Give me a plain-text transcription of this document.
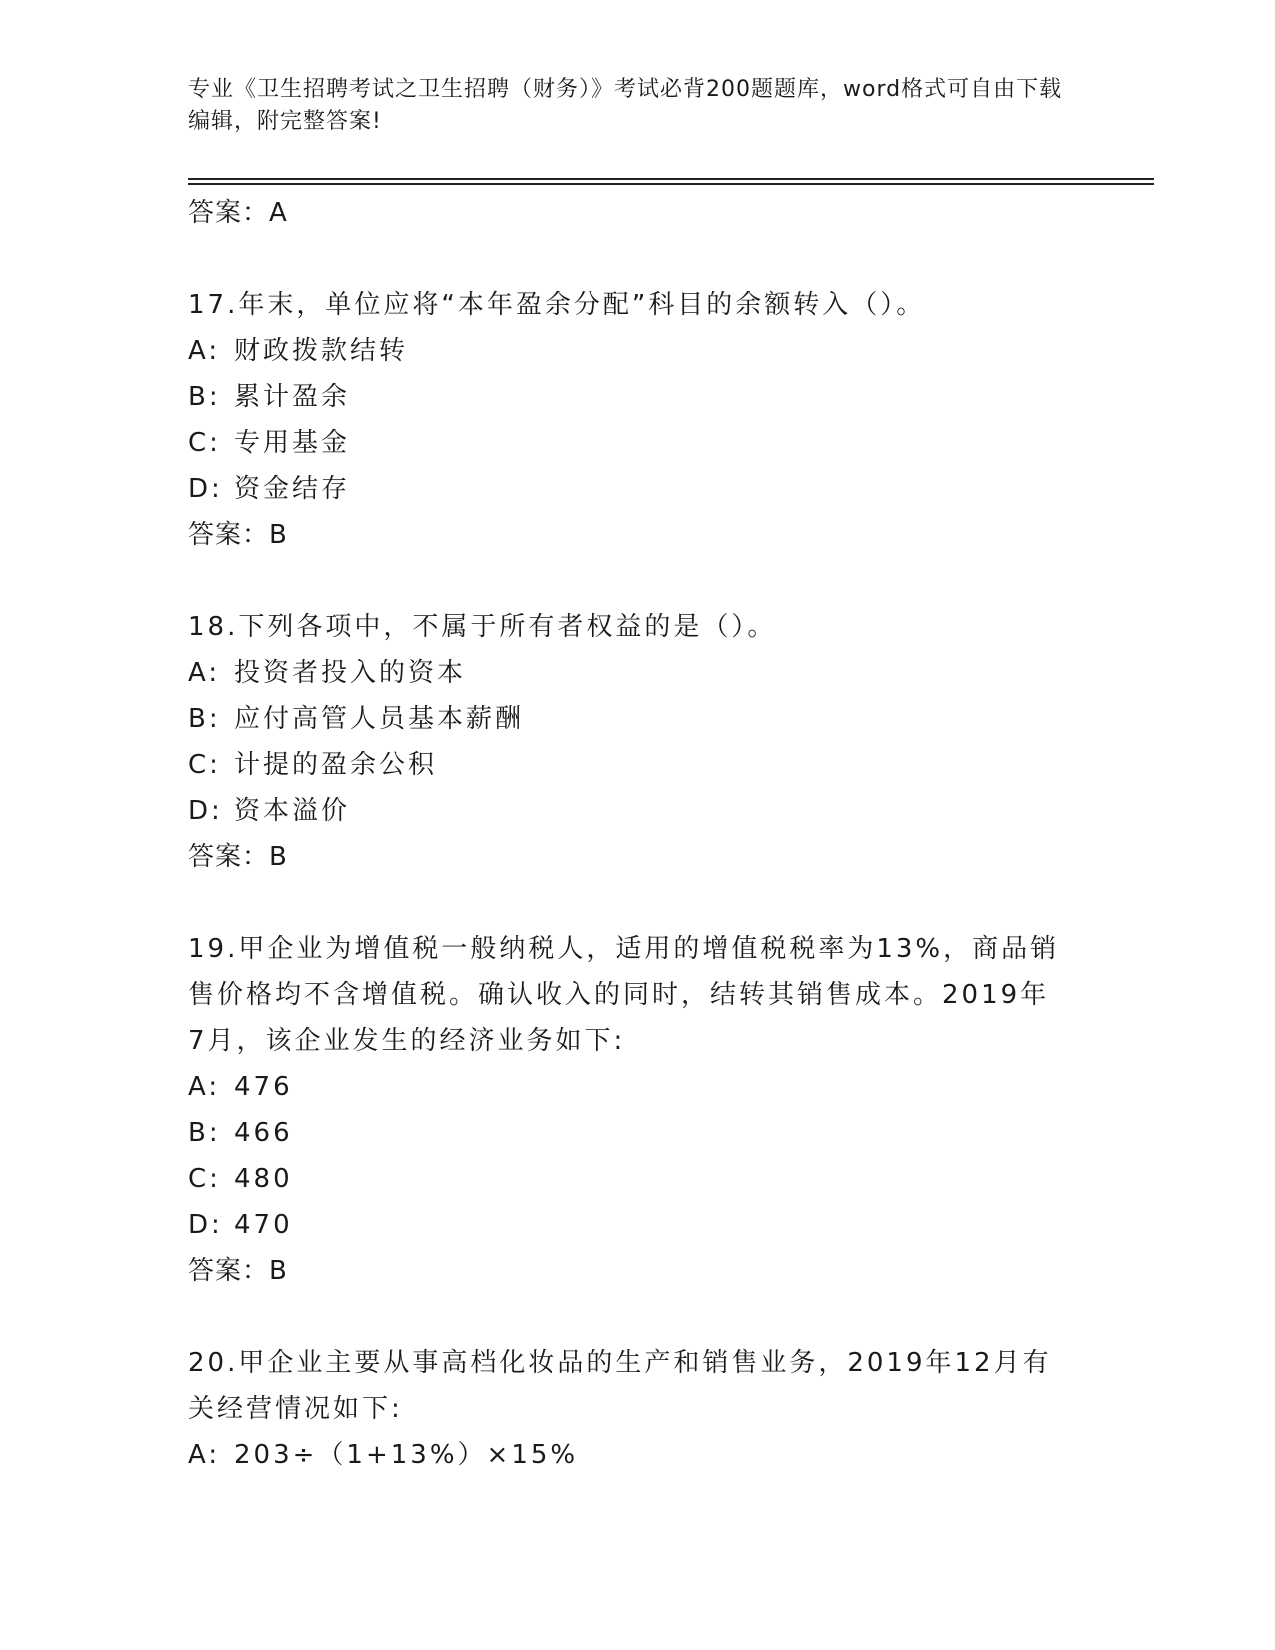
专业《卫生招聘考试之卫生招聘（财务）》考试必背200题题库，word格式可自由下载编辑，附完整答案!
答案：A
17.年末，单位应将“本年盈余分配”科目的余额转入（）。
A: 财政拨款结转
B: 累计盈余
C: 专用基金
D: 资金结存
答案：B
18.下列各项中，不属于所有者权益的是（）。
A: 投资者投入的资本
B: 应付高管人员基本薪酬
C: 计提的盈余公积
D: 资本溢价
答案：B
19.甲企业为增值税一般纳税人，适用的增值税税率为13%，商品销售价格均不含增值税。确认收入的同时，结转其销售成本。2019年7月，该企业发生的经济业务如下:
A: 476
B: 466
C: 480
D: 470
答案：B
20.甲企业主要从事高档化妆品的生产和销售业务，2019年12月有关经营情况如下:
A: 203÷（1+13%）×15%
